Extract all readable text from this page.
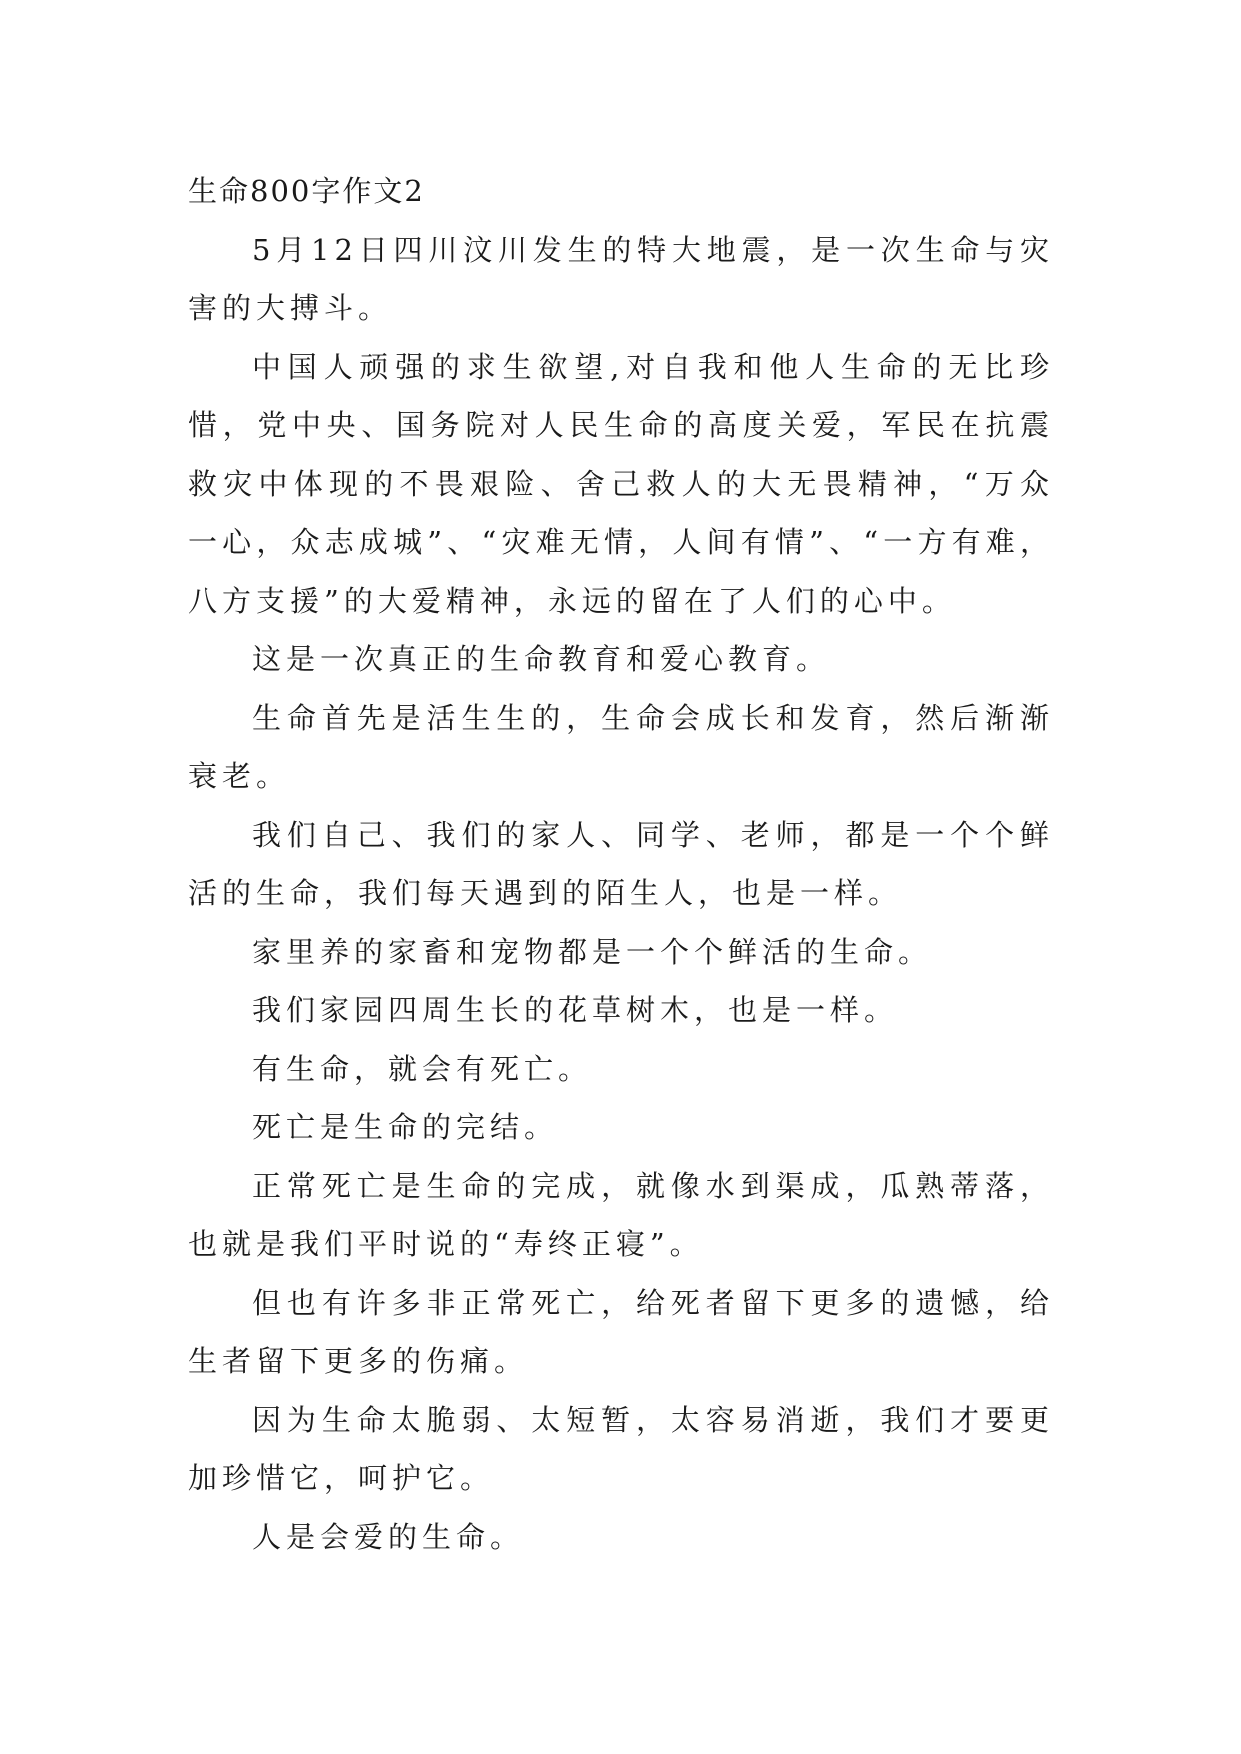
生命800字作文2

5月12日四川汶川发生的特大地震，是一次生命与灾害的大搏斗。

中国人顽强的求生欲望,对自我和他人生命的无比珍惜，党中央、国务院对人民生命的高度关爱，军民在抗震救灾中体现的不畏艰险、舍己救人的大无畏精神，“万众一心，众志成城”、“灾难无情，人间有情”、“一方有难，八方支援”的大爱精神，永远的留在了人们的心中。

这是一次真正的生命教育和爱心教育。

生命首先是活生生的，生命会成长和发育，然后渐渐衰老。

我们自己、我们的家人、同学、老师，都是一个个鲜活的生命，我们每天遇到的陌生人，也是一样。

家里养的家畜和宠物都是一个个鲜活的生命。

我们家园四周生长的花草树木，也是一样。

有生命，就会有死亡。

死亡是生命的完结。

正常死亡是生命的完成，就像水到渠成，瓜熟蒂落，也就是我们平时说的“寿终正寝”。

但也有许多非正常死亡，给死者留下更多的遗憾，给生者留下更多的伤痛。

因为生命太脆弱、太短暂，太容易消逝，我们才要更加珍惜它，呵护它。

人是会爱的生命。
